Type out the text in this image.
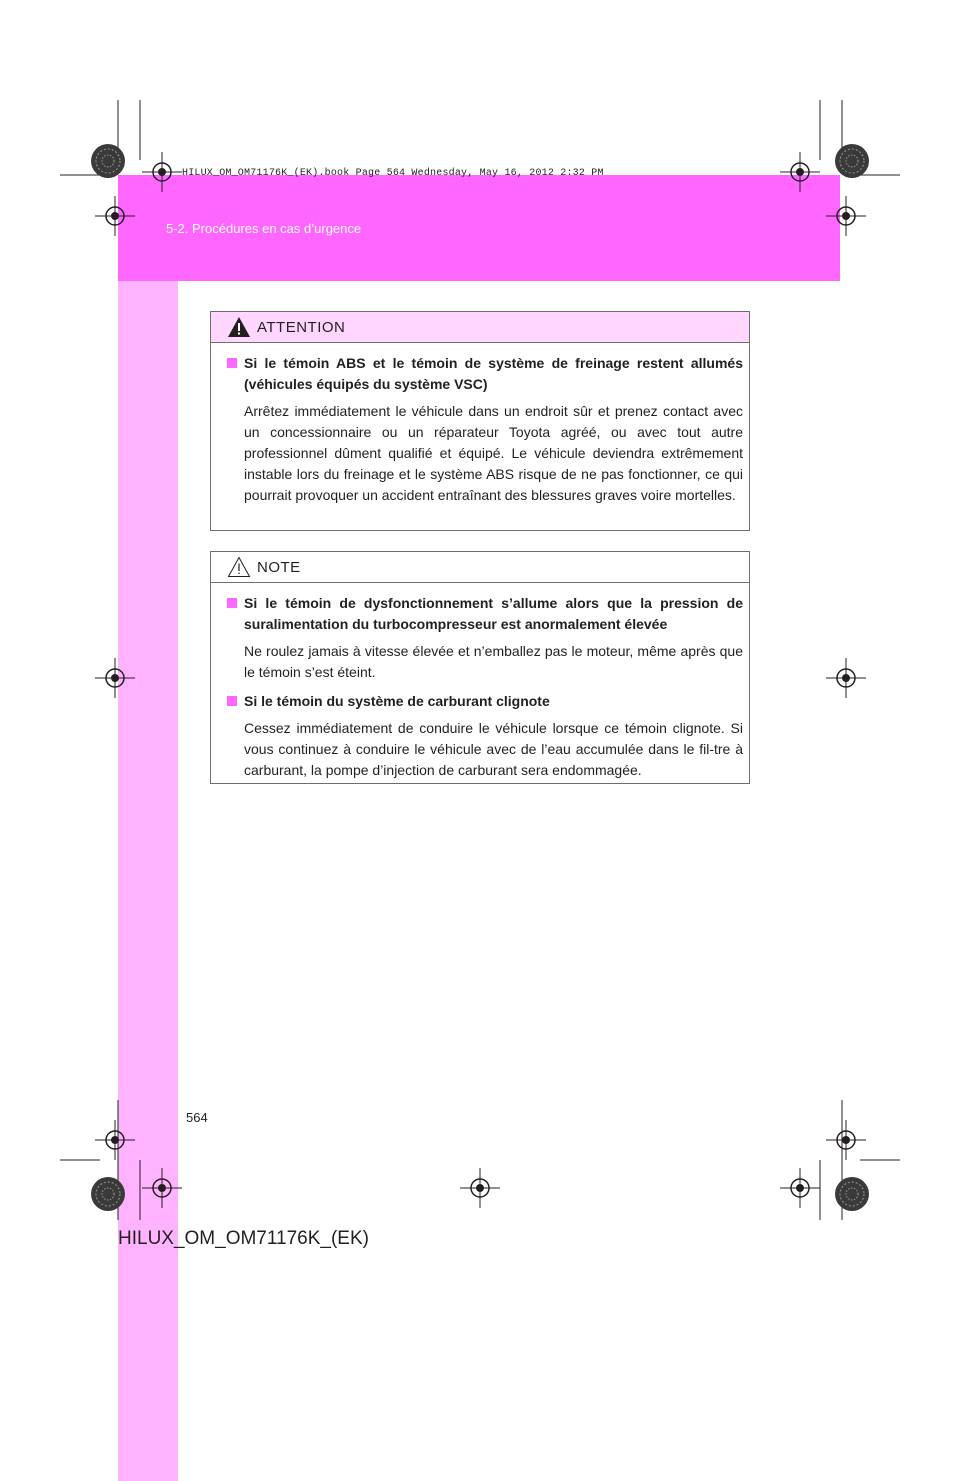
HILUX_OM_OM71176K_(EK).book Page 564 Wednesday, May 16, 2012 2:32 PM
5-2. Procédures en cas d’urgence
ATTENTION
Si le témoin ABS et le témoin de système de freinage restent allumés (véhicules équipés du système VSC)
Arrêtez immédiatement le véhicule dans un endroit sûr et prenez contact avec un concessionnaire ou un réparateur Toyota agréé, ou avec tout autre professionnel dûment qualifié et équipé. Le véhicule deviendra extrêmement instable lors du freinage et le système ABS risque de ne pas fonctionner, ce qui pourrait provoquer un accident entraînant des blessures graves voire mortelles.
NOTE
Si le témoin de dysfonctionnement s’allume alors que la pression de suralimentation du turbocompresseur est anormalement élevée
Ne roulez jamais à vitesse élevée et n’emballez pas le moteur, même après que le témoin s’est éteint.
Si le témoin du système de carburant clignote
Cessez immédiatement de conduire le véhicule lorsque ce témoin clignote. Si vous continuez à conduire le véhicule avec de l’eau accumulée dans le fil-tre à carburant, la pompe d’injection de carburant sera endommagée.
564
HILUX_OM_OM71176K_(EK)
